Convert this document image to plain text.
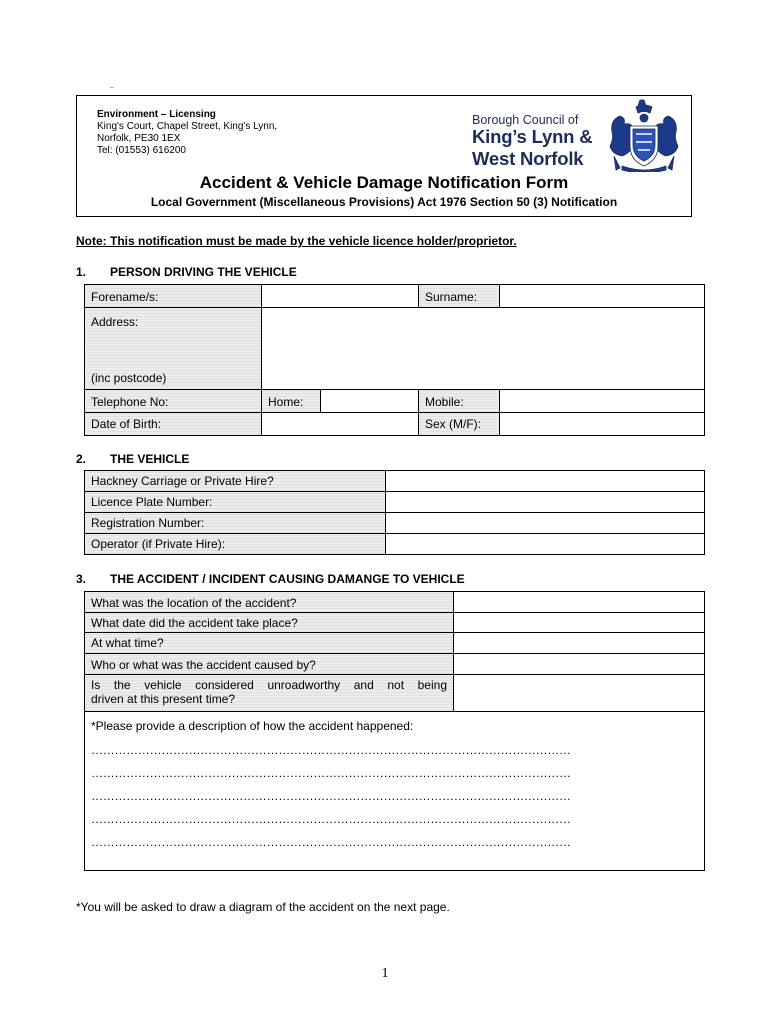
–
Environment – Licensing
King's Court, Chapel Street, King's Lynn,
Norfolk, PE30 1EX
Tel: (01553) 616200
Borough Council of
King’s Lynn &
West Norfolk
Accident & Vehicle Damage Notification Form
Local Government (Miscellaneous Provisions) Act 1976 Section 50 (3) Notification
Note: This notification must be made by the vehicle licence holder/proprietor.
1. PERSON DRIVING THE VEHICLE
Forename/s:	Surname:
Address:
(inc postcode)
Telephone No:	Home:	Mobile:
Date of Birth:	Sex (M/F):
2. THE VEHICLE
Hackney Carriage or Private Hire?
Licence Plate Number:
Registration Number:
Operator (if Private Hire):
3. THE ACCIDENT / INCIDENT CAUSING DAMANGE TO VEHICLE
What was the location of the accident?
What date did the accident take place?
At what time?
Who or what was the accident caused by?
Is the vehicle considered unroadworthy and not being
driven at this present time?
*Please provide a description of how the accident happened:
……………………………………………………………………………………………………………
……………………………………………………………………………………………………………
……………………………………………………………………………………………………………
……………………………………………………………………………………………………………
……………………………………………………………………………………………………………
*You will be asked to draw a diagram of the accident on the next page.
1
